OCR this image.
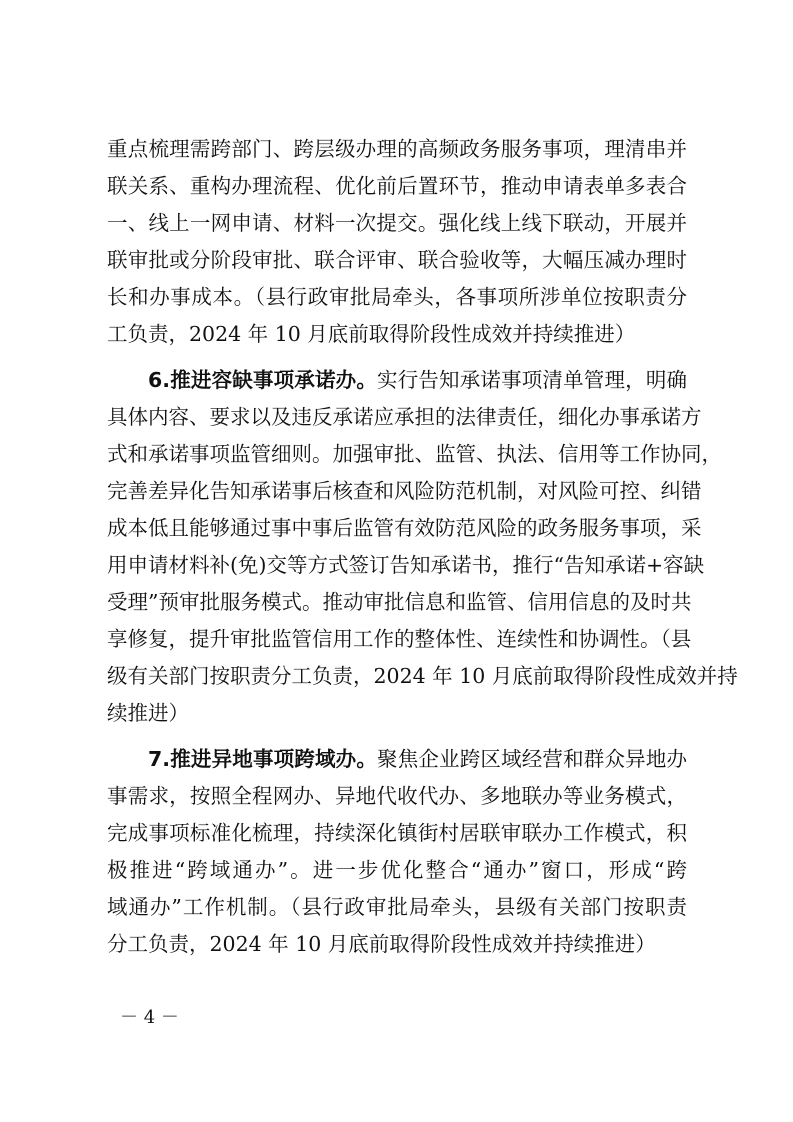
重点梳理需跨部门、跨层级办理的高频政务服务事项，理清串并
联关系、重构办理流程、优化前后置环节，推动申请表单多表合
一、线上一网申请、材料一次提交。强化线上线下联动，开展并
联审批或分阶段审批、联合评审、联合验收等，大幅压减办理时
长和办事成本。（县行政审批局牵头，各事项所涉单位按职责分
工负责，2024 年 10 月底前取得阶段性成效并持续推进）
6.推进容缺事项承诺办。实行告知承诺事项清单管理，明确
具体内容、要求以及违反承诺应承担的法律责任，细化办事承诺方
式和承诺事项监管细则。加强审批、监管、执法、信用等工作协同，
完善差异化告知承诺事后核查和风险防范机制，对风险可控、纠错
成本低且能够通过事中事后监管有效防范风险的政务服务事项，采
用申请材料补(免)交等方式签订告知承诺书，推行“告知承诺+容缺
受理”预审批服务模式。推动审批信息和监管、信用信息的及时共
享修复，提升审批监管信用工作的整体性、连续性和协调性。（县
级有关部门按职责分工负责，2024 年 10 月底前取得阶段性成效并持
续推进）
7.推进异地事项跨域办。聚焦企业跨区域经营和群众异地办
事需求，按照全程网办、异地代收代办、多地联办等业务模式，
完成事项标准化梳理，持续深化镇街村居联审联办工作模式，积
极推进“跨域通办”。进一步优化整合“通办”窗口，形成“跨
域通办”工作机制。（县行政审批局牵头，县级有关部门按职责
分工负责，2024 年 10 月底前取得阶段性成效并持续推进）
－ 4 －
